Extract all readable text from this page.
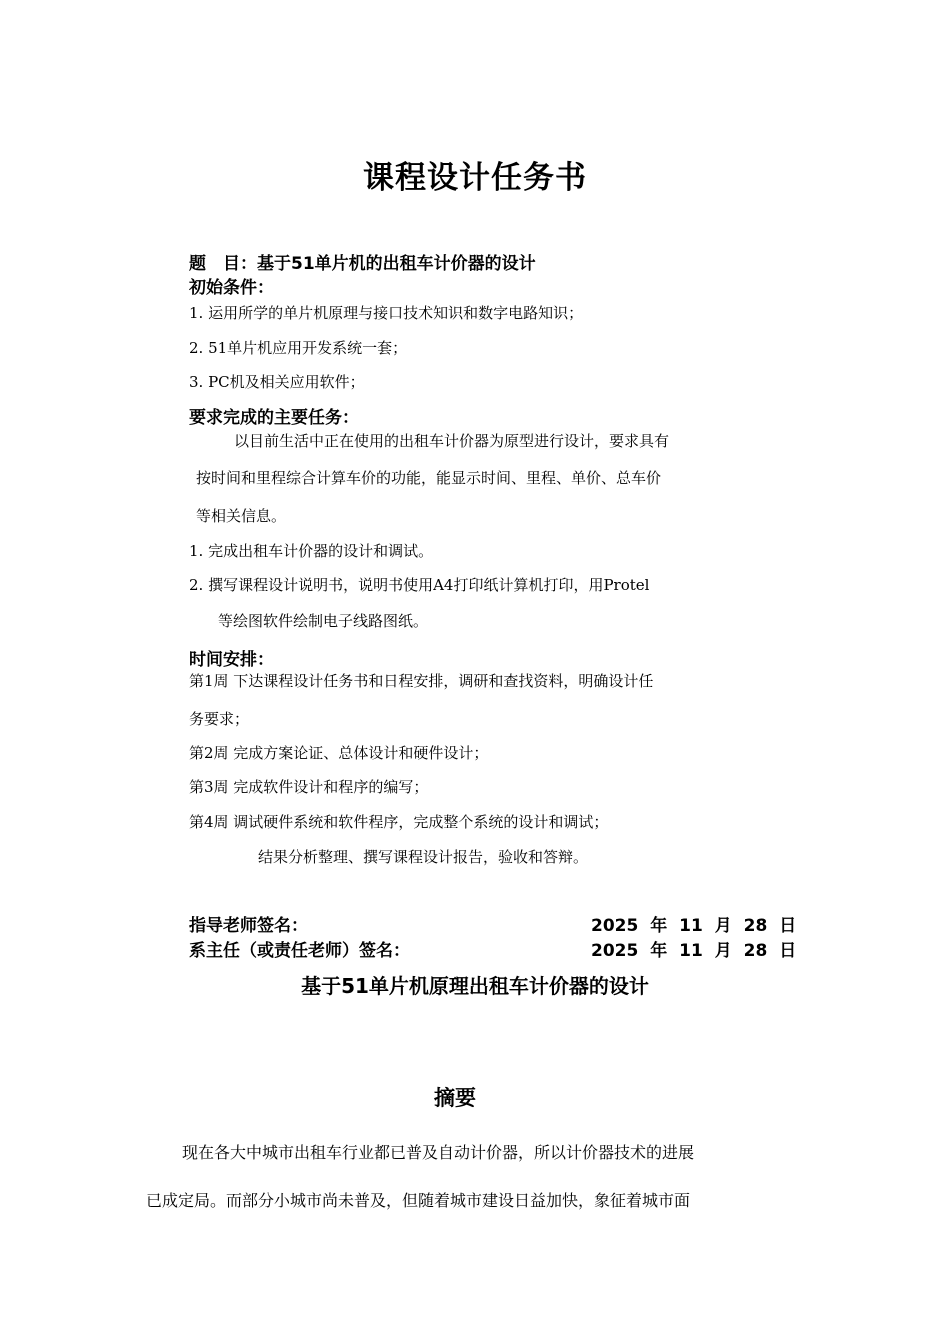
课程设计任务书
题　目：基于51单片机的出租车计价器的设计
初始条件：
1. 运用所学的单片机原理与接口技术知识和数字电路知识；
2. 51单片机应用开发系统一套；
3. PC机及相关应用软件；
要求完成的主要任务：
以目前生活中正在使用的出租车计价器为原型进行设计，要求具有
按时间和里程综合计算车价的功能，能显示时间、里程、单价、总车价
等相关信息。
1. 完成出租车计价器的设计和调试。
2. 撰写课程设计说明书，说明书使用A4打印纸计算机打印，用Protel
等绘图软件绘制电子线路图纸。
时间安排：
第1周 下达课程设计任务书和日程安排，调研和查找资料，明确设计任
务要求；
第2周 完成方案论证、总体设计和硬件设计；
第3周 完成软件设计和程序的编写；
第4周 调试硬件系统和软件程序，完成整个系统的设计和调试；
结果分析整理、撰写课程设计报告，验收和答辩。
指导老师签名：	2025 年 11 月 28 日
系主任（或责任老师）签名：	2025 年 11 月 28 日
基于51单片机原理出租车计价器的设计
摘要
现在各大中城市出租车行业都已普及自动计价器，所以计价器技术的进展
已成定局。而部分小城市尚未普及，但随着城市建设日益加快，象征着城市面
